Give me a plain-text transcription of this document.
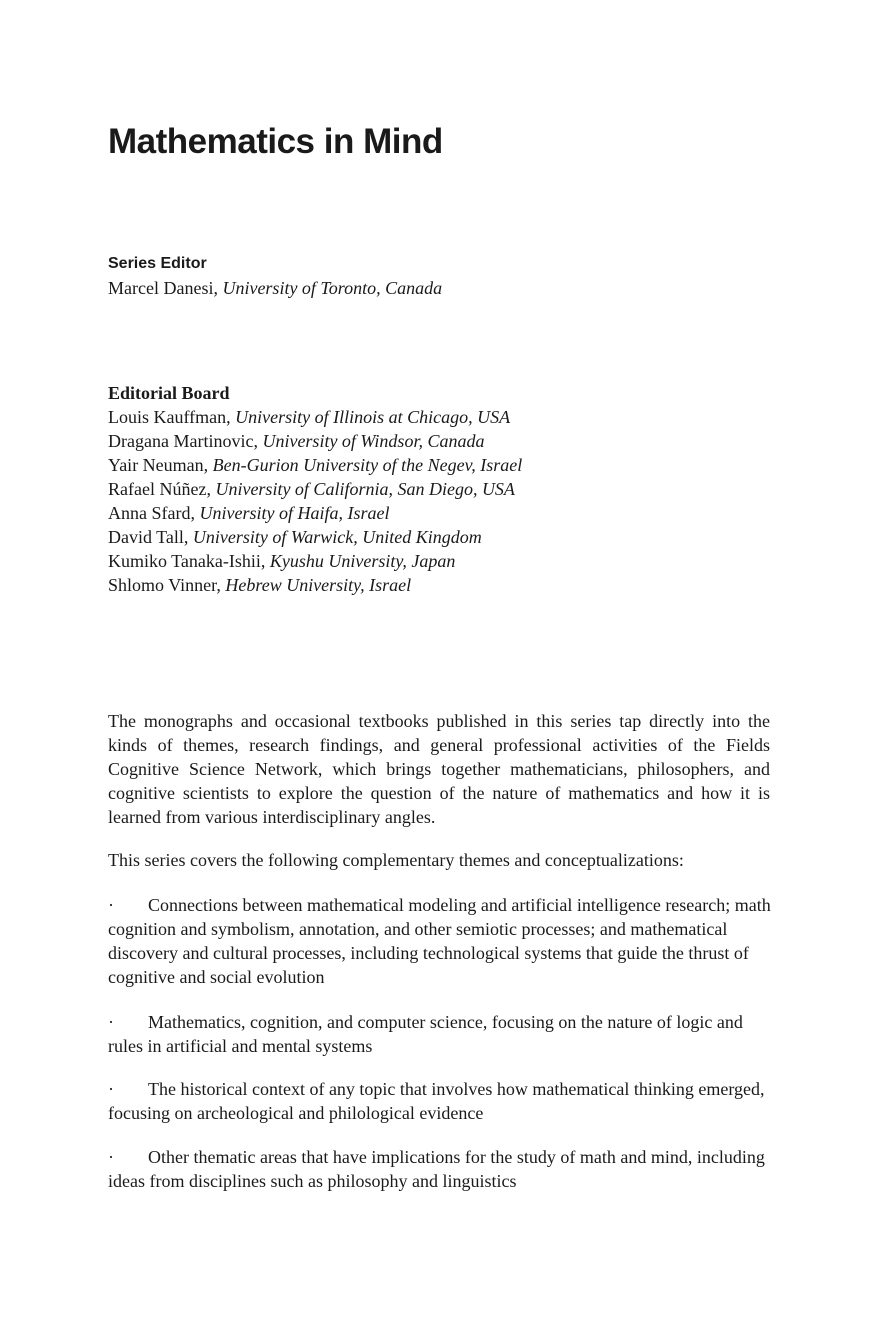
Mathematics in Mind
Series Editor
Marcel Danesi, University of Toronto, Canada
Editorial Board
Louis Kauffman, University of Illinois at Chicago, USA
Dragana Martinovic, University of Windsor, Canada
Yair Neuman, Ben-Gurion University of the Negev, Israel
Rafael Núñez, University of California, San Diego, USA
Anna Sfard, University of Haifa, Israel
David Tall, University of Warwick, United Kingdom
Kumiko Tanaka-Ishii, Kyushu University, Japan
Shlomo Vinner, Hebrew University, Israel

The monographs and occasional textbooks published in this series tap directly into the kinds of themes, research findings, and general professional activities of the Fields Cognitive Science Network, which brings together mathematicians, philosophers, and cognitive scientists to explore the question of the nature of mathematics and how it is learned from various interdisciplinary angles.

This series covers the following complementary themes and conceptualizations:

· Connections between mathematical modeling and artificial intelligence research; math cognition and symbolism, annotation, and other semiotic processes; and mathematical discovery and cultural processes, including technological systems that guide the thrust of cognitive and social evolution

· Mathematics, cognition, and computer science, focusing on the nature of logic and rules in artificial and mental systems

· The historical context of any topic that involves how mathematical thinking emerged, focusing on archeological and philological evidence

· Other thematic areas that have implications for the study of math and mind, including ideas from disciplines such as philosophy and linguistics
